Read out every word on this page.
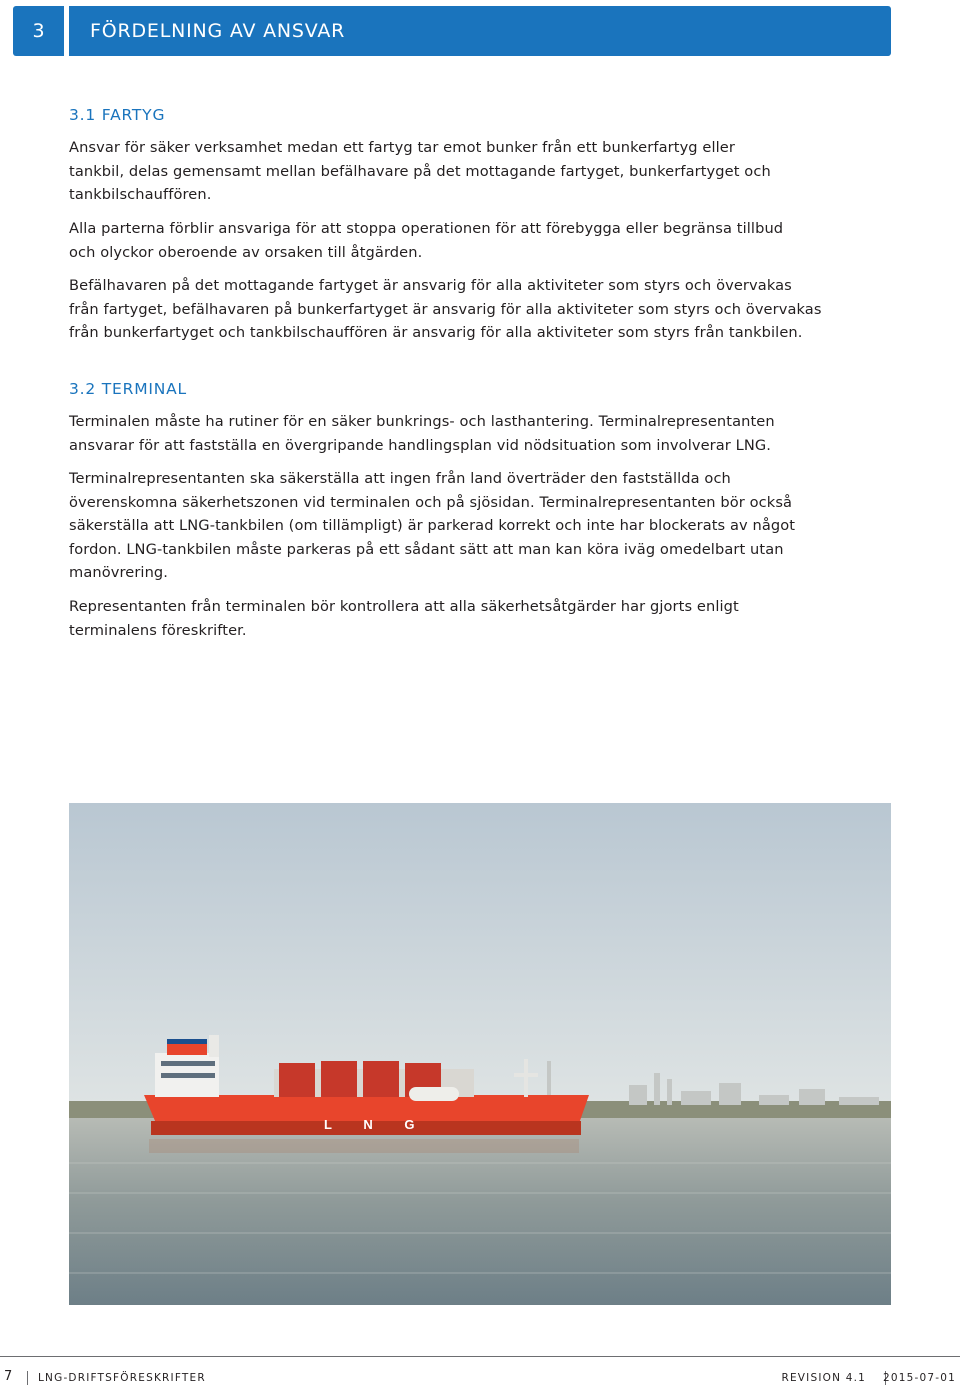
3	FÖRDELNING AV ANSVAR
3.1 FARTYG

Ansvar för säker verksamhet medan ett fartyg tar emot bunker från ett bunkerfartyg eller
tankbil, delas gemensamt mellan befälhavare på det mottagande fartyget, bunkerfartyget och
tankbilschauffören.

Alla parterna förblir ansvariga för att stoppa operationen för att förebygga eller begränsa tillbud
och olyckor oberoende av orsaken till åtgärden.

Befälhavaren på det mottagande fartyget är ansvarig för alla aktiviteter som styrs och övervakas
från fartyget, befälhavaren på bunkerfartyget är ansvarig för alla aktiviteter som styrs och övervakas
från bunkerfartyget och tankbilschauffören är ansvarig för alla aktiviteter som styrs från tankbilen.

3.2 TERMINAL

Terminalen måste ha rutiner för en säker bunkrings- och lasthantering. Terminalrepresentanten
ansvarar för att fastställa en övergripande handlingsplan vid nödsituation som involverar LNG.

Terminalrepresentanten ska säkerställa att ingen från land överträder den fastställda och
överenskomna säkerhetszonen vid terminalen och på sjösidan. Terminalrepresentanten bör också
säkerställa att LNG-tankbilen (om tillämpligt) är parkerad korrekt och inte har blockerats av något
fordon. LNG-tankbilen måste parkeras på ett sådant sätt att man kan köra iväg omedelbart utan
manövrering.

Representanten från terminalen bör kontrollera att alla säkerhetsåtgärder har gjorts enligt
terminalens föreskrifter.

L N G
7 LNG-DRIFTSFÖRESKRIFTER	REVISION 4.1 2015-07-01
